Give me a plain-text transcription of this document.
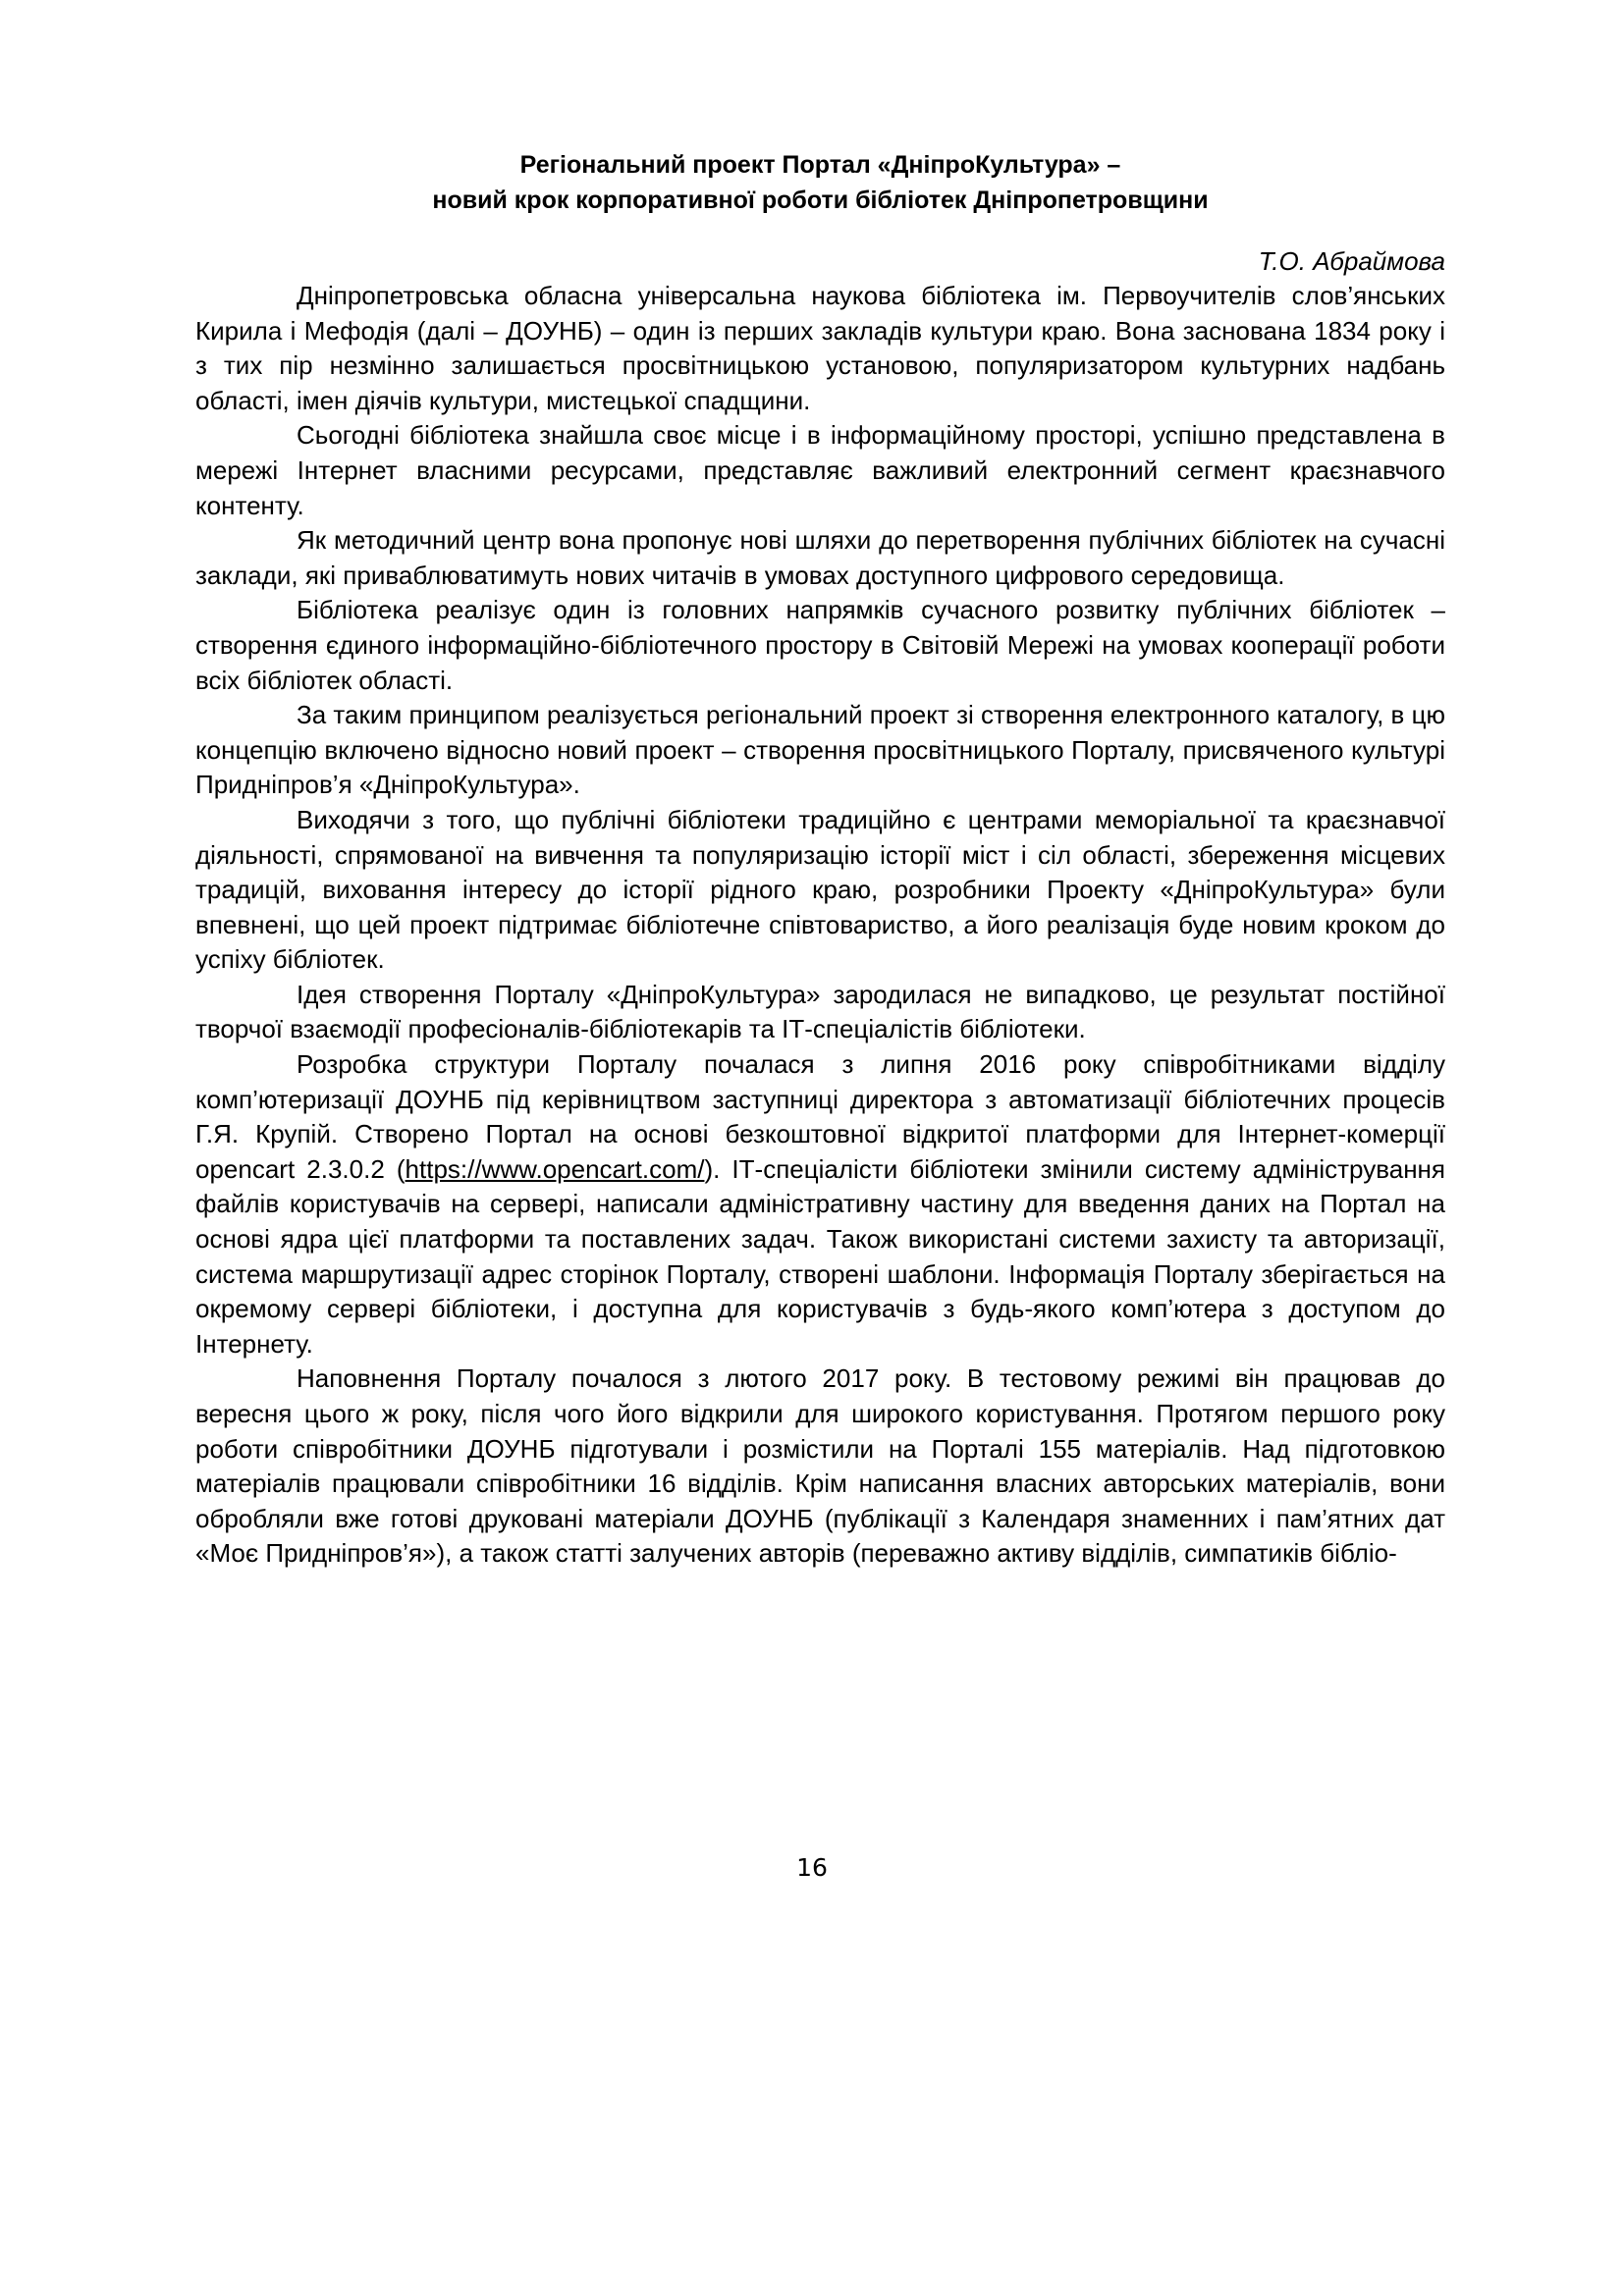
Регіональний проект Портал «ДніпроКультура» –
новий крок корпоративної роботи бібліотек Дніпропетровщини

Т.О. Абраймова

Дніпропетровська обласна універсальна наукова бібліотека ім. Первоучителів слов’янських Кирила і Мефодія (далі – ДОУНБ) – один із перших закладів культури краю. Вона заснована 1834 року і з тих пір незмінно залишається просвітницькою установою, популяризатором культурних надбань області, імен діячів культури, мистецької спадщини.

Сьогодні бібліотека знайшла своє місце і в інформаційному просторі, успішно представлена в мережі Інтернет власними ресурсами, представляє важливий електронний сегмент краєзнавчого контенту.

Як методичний центр вона пропонує нові шляхи до перетворення публічних бібліотек на сучасні заклади, які приваблюватимуть нових читачів в умовах доступного цифрового середовища.

Бібліотека реалізує один із головних напрямків сучасного розвитку публічних бібліотек – створення єдиного інформаційно-бібліотечного простору в Світовій Мережі на умовах кооперації роботи всіх бібліотек області.

За таким принципом реалізується регіональний проект зі створення електронного каталогу, в цю концепцію включено відносно новий проект – створення просвітницького Порталу, присвяченого культурі Придніпров’я «ДніпроКультура».

Виходячи з того, що публічні бібліотеки традиційно є центрами меморіальної та краєзнавчої діяльності, спрямованої на вивчення та популяризацію історії міст і сіл області, збереження місцевих традицій, виховання інтересу до історії рідного краю, розробники Проекту «ДніпроКультура» були впевнені, що цей проект підтримає бібліотечне співтовариство, а його реалізація буде новим кроком до успіху бібліотек.

Ідея створення Порталу «ДніпроКультура» зародилася не випадково, це результат постійної творчої взаємодії професіоналів-бібліотекарів та ІТ-спеціалістів бібліотеки.

Розробка структури Порталу почалася з липня 2016 року співробітниками відділу комп’ютеризації ДОУНБ під керівництвом заступниці директора з автоматизації бібліотечних процесів Г.Я. Крупій. Створено Портал на основі безкоштовної відкритої платформи для Інтернет-комерції opencart 2.3.0.2 (https://www.opencart.com/). ІТ-спеціалісти бібліотеки змінили систему адміністрування файлів користувачів на сервері, написали адміністративну частину для введення даних на Портал на основі ядра цієї платформи та поставлених задач. Також використані системи захисту та авторизації, система маршрутизації адрес сторінок Порталу, створені шаблони. Інформація Порталу зберігається на окремому сервері бібліотеки, і доступна для користувачів з будь-якого комп’ютера з доступом до Інтернету.

Наповнення Порталу почалося з лютого 2017 року. В тестовому режимі він працював до вересня цього ж року, після чого його відкрили для широкого користування. Протягом першого року роботи співробітники ДОУНБ підготували і розмістили на Порталі 155 матеріалів. Над підготовкою матеріалів працювали співробітники 16 відділів. Крім написання власних авторських матеріалів, вони обробляли вже готові друковані матеріали ДОУНБ (публікації з Календаря знаменних і пам’ятних дат «Моє Придніпров’я»), а також статті залучених авторів (переважно активу відділів, симпатиків бібліо-

16
